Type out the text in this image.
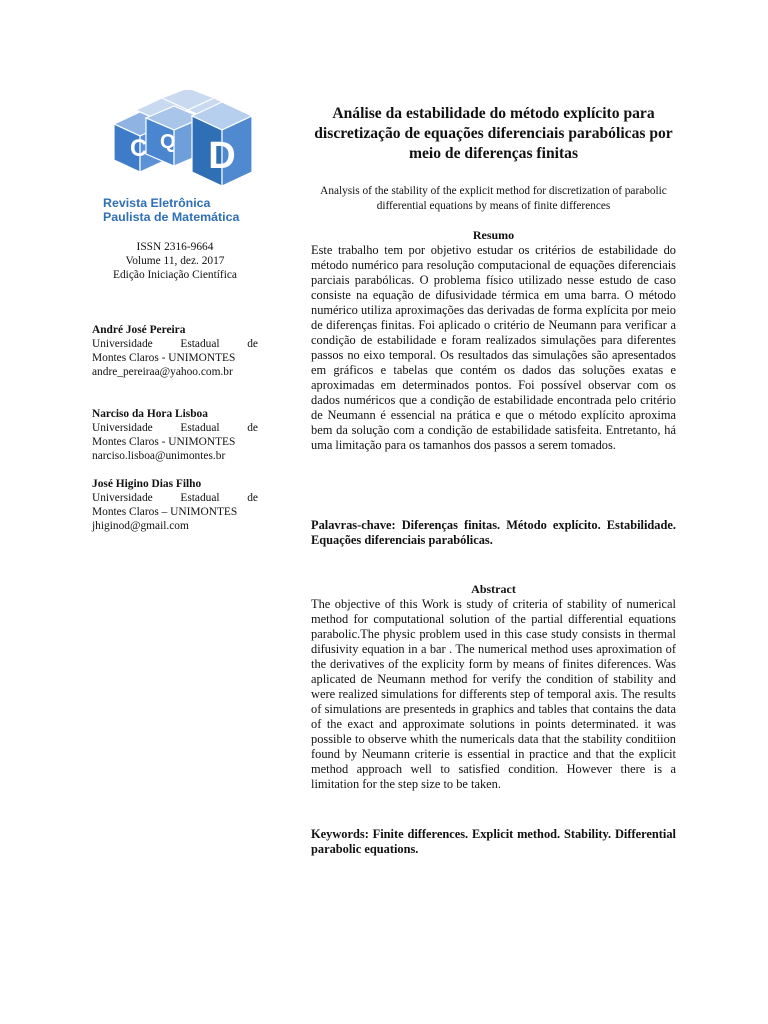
C Q D
Revista Eletrônica
Paulista de Matemática
ISSN 2316-9664
Volume 11, dez. 2017
Edição Iniciação Científica
André José Pereira
Universidade Estadual de
Montes Claros - UNIMONTES
andre_pereiraa@yahoo.com.br
Narciso da Hora Lisboa
Universidade Estadual de
Montes Claros - UNIMONTES
narciso.lisboa@unimontes.br
José Higino Dias Filho
Universidade Estadual de
Montes Claros – UNIMONTES
jhiginod@gmail.com
Análise da estabilidade do método explícito para discretização de equações diferenciais parabólicas por meio de diferenças finitas
Analysis of the stability of the explicit method for discretization of parabolic differential equations by means of finite differences
Resumo
Este trabalho tem por objetivo estudar os critérios de estabilidade do método numérico para resolução computacional de equações diferenciais parciais parabólicas. O problema físico utilizado nesse estudo de caso consiste na equação de difusividade térmica em uma barra. O método numérico utiliza aproximações das derivadas de forma explícita por meio de diferenças finitas. Foi aplicado o critério de Neumann para verificar a condição de estabilidade e foram realizados simulações para diferentes passos no eixo temporal. Os resultados das simulações são apresentados em gráficos e tabelas que contém os dados das soluções exatas e aproximadas em determinados pontos. Foi possível observar com os dados numéricos que a condição de estabilidade encontrada pelo critério de Neumann é essencial na prática e que o método explícito aproxima bem da solução com a condição de estabilidade satisfeita. Entretanto, há uma limitação para os tamanhos dos passos a serem tomados.
Palavras-chave: Diferenças finitas. Método explícito. Estabilidade. Equações diferenciais parabólicas.
Abstract
The objective of this Work is study of criteria of stability of numerical method for computational solution of the partial differential equations parabolic.The physic problem used in this case study consists in thermal difusivity equation in a bar . The numerical method uses aproximation of the derivatives of the explicity form by means of finites diferences. Was aplicated de Neumann method for verify the condition of stability and were realized simulations for differents step of temporal axis. The results of simulations are presenteds in graphics and tables that contains the data of the exact and approximate solutions in points determinated. it was possible to observe whith the numericals data that the stability conditiion found by Neumann criterie is essential in practice and that the explicit method approach well to satisfied condition. However there is a limitation for the step size to be taken.
Keywords: Finite differences. Explicit method. Stability. Differential parabolic equations.
